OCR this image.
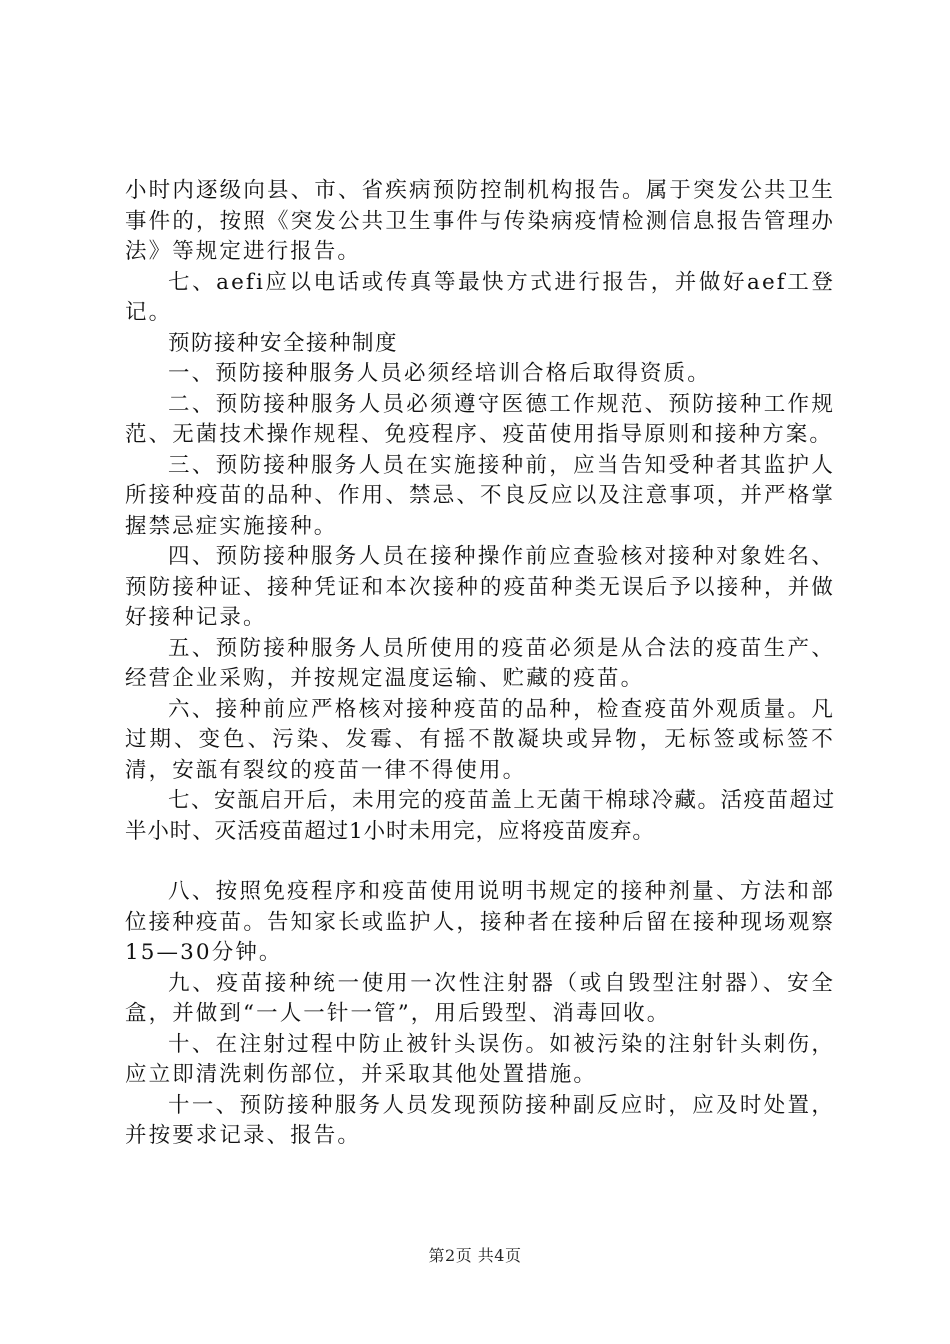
小时内逐级向县、市、省疾病预防控制机构报告。属于突发公共卫生事件的，按照《突发公共卫生事件与传染病疫情检测信息报告管理办法》等规定进行报告。

七、aefi应以电话或传真等最快方式进行报告，并做好aef工登记。

预防接种安全接种制度

一、预防接种服务人员必须经培训合格后取得资质。

二、预防接种服务人员必须遵守医德工作规范、预防接种工作规范、无菌技术操作规程、免疫程序、疫苗使用指导原则和接种方案。

三、预防接种服务人员在实施接种前，应当告知受种者其监护人所接种疫苗的品种、作用、禁忌、不良反应以及注意事项，并严格掌握禁忌症实施接种。

四、预防接种服务人员在接种操作前应查验核对接种对象姓名、预防接种证、接种凭证和本次接种的疫苗种类无误后予以接种，并做好接种记录。

五、预防接种服务人员所使用的疫苗必须是从合法的疫苗生产、经营企业采购，并按规定温度运输、贮藏的疫苗。

六、接种前应严格核对接种疫苗的品种，检查疫苗外观质量。凡过期、变色、污染、发霉、有摇不散凝块或异物，无标签或标签不清，安瓿有裂纹的疫苗一律不得使用。

七、安瓿启开后，未用完的疫苗盖上无菌干棉球冷藏。活疫苗超过半小时、灭活疫苗超过1小时未用完，应将疫苗废弃。

八、按照免疫程序和疫苗使用说明书规定的接种剂量、方法和部位接种疫苗。告知家长或监护人，接种者在接种后留在接种现场观察15—30分钟。

九、疫苗接种统一使用一次性注射器（或自毁型注射器）、安全盒，并做到“一人一针一管”，用后毁型、消毒回收。

十、在注射过程中防止被针头误伤。如被污染的注射针头刺伤，应立即清洗刺伤部位，并采取其他处置措施。

十一、预防接种服务人员发现预防接种副反应时，应及时处置，并按要求记录、报告。

第2页 共4页
